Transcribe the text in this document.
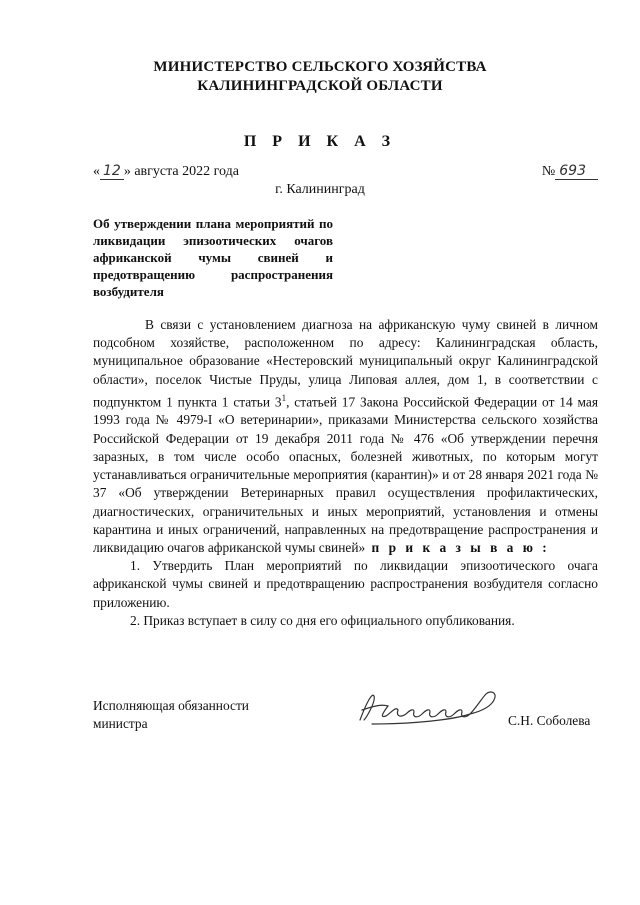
МИНИСТЕРСТВО СЕЛЬСКОГО ХОЗЯЙСТВА
КАЛИНИНГРАДСКОЙ ОБЛАСТИ
П Р И К А З
« 12 » августа 2022 года	№ 693
г. Калининград
Об утверждении плана мероприятий по ликвидации эпизоотических очагов африканской чумы свиней и предотвращению распространения возбудителя

В связи с установлением диагноза на африканскую чуму свиней в личном подсобном хозяйстве, расположенном по адресу: Калининградская область, муниципальное образование «Нестеровский муниципальный округ Калининградской области», поселок Чистые Пруды, улица Липовая аллея, дом 1, в соответствии с подпунктом 1 пункта 1 статьи $3^1$, статьей 17 Закона Российской Федерации от 14 мая 1993 года № 4979-I «О ветеринарии», приказами Министерства сельского хозяйства Российской Федерации от 19 декабря 2011 года № 476 «Об утверждении перечня заразных, в том числе особо опасных, болезней животных, по которым могут устанавливаться ограничительные мероприятия (карантин)» и от 28 января 2021 года № 37 «Об утверждении Ветеринарных правил осуществления профилактических, диагностических, ограничительных и иных мероприятий, установления и отмены карантина и иных ограничений, направленных на предотвращение распространения и ликвидацию очагов африканской чумы свиней» п р и к а з ы в а ю :

1. Утвердить План мероприятий по ликвидации эпизоотического очага африканской чумы свиней и предотвращению распространения возбудителя согласно приложению.

2. Приказ вступает в силу со дня его официального опубликования.

Исполняющая обязанности
министра	С.Н. Соболева
